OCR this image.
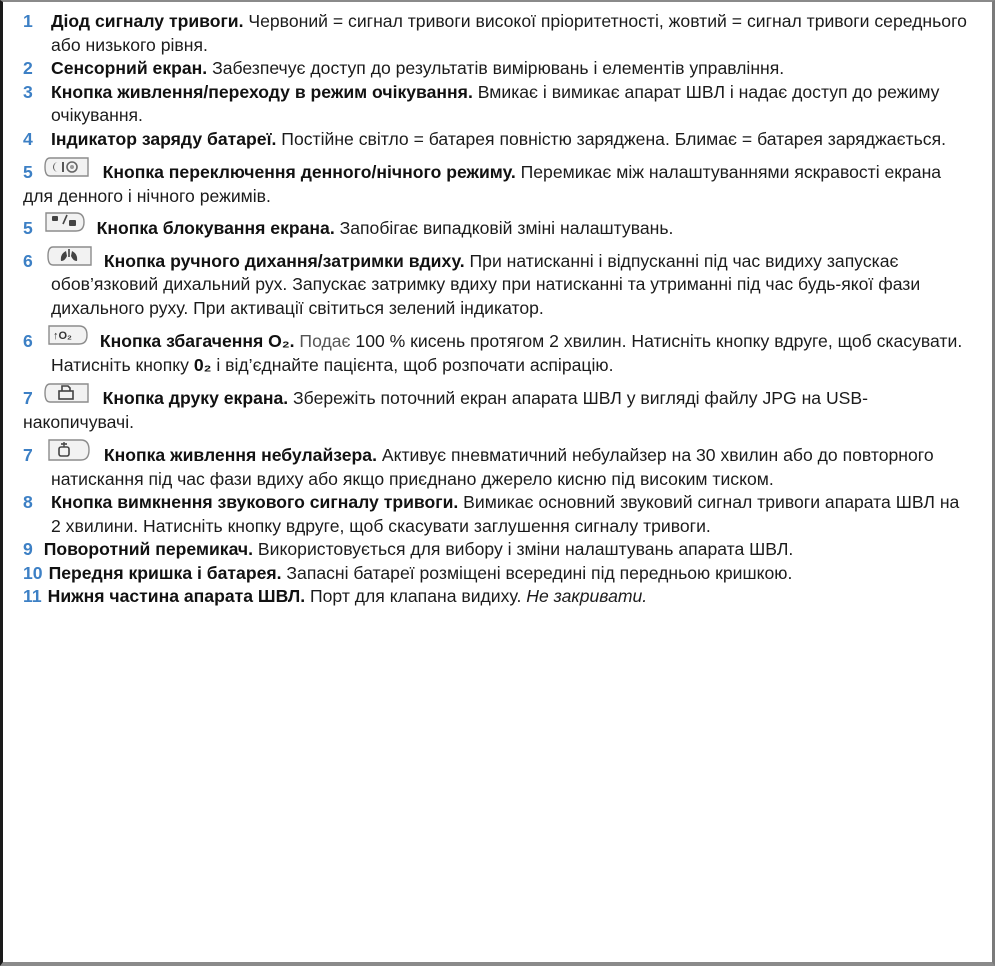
1 Діод сигналу тривоги. Червоний = сигнал тривоги високої пріоритетності, жовтий = сигнал тривоги середнього або низького рівня.
2 Сенсорний екран. Забезпечує доступ до результатів вимірювань і елементів управління.
3 Кнопка живлення/переходу в режим очікування. Вмикає і вимикає апарат ШВЛ і надає доступ до режиму очікування.
4 Індикатор заряду батареї. Постійне світло = батарея повністю заряджена. Блимає = батарея заряджається.
5	Кнопка переключення денного/нічного режиму. Перемикає між налаштуваннями яскравості екрана для денного і нічного режимів.
5	Кнопка блокування екрана. Запобігає випадковій зміні налаштувань.
6	Кнопка ручного дихання/затримки вдиху. При натисканні і відпусканні під час видиху запускає обов’язковий дихальний рух. Запускає затримку вдиху при натисканні та утриманні під час будь-якої фази дихального руху. При активації світиться зелений індикатор.
6 ↑O₂ Кнопка збагачення O₂. Подає 100 % кисень протягом 2 хвилин. Натисніть кнопку вдруге, щоб скасувати. Натисніть кнопку 0₂ і від’єднайте пацієнта, щоб розпочати аспірацію.
7	Кнопка друку екрана. Збережіть поточний екран апарата ШВЛ у вигляді файлу JPG на USB-накопичувачі.
7	Кнопка живлення небулайзера. Активує пневматичний небулайзер на 30 хвилин або до повторного натискання під час фази вдиху або якщо приєднано джерело кисню під високим тиском.
8 Кнопка вимкнення звукового сигналу тривоги. Вимикає основний звуковий сигнал тривоги апарата ШВЛ на 2 хвилини. Натисніть кнопку вдруге, щоб скасувати заглушення сигналу тривоги.
9 Поворотний перемикач. Використовується для вибору і зміни налаштувань апарата ШВЛ.
10 Передня кришка і батарея. Запасні батареї розміщені всередині під передньою кришкою.
11 Нижня частина апарата ШВЛ. Порт для клапана видиху. Не закривати.
